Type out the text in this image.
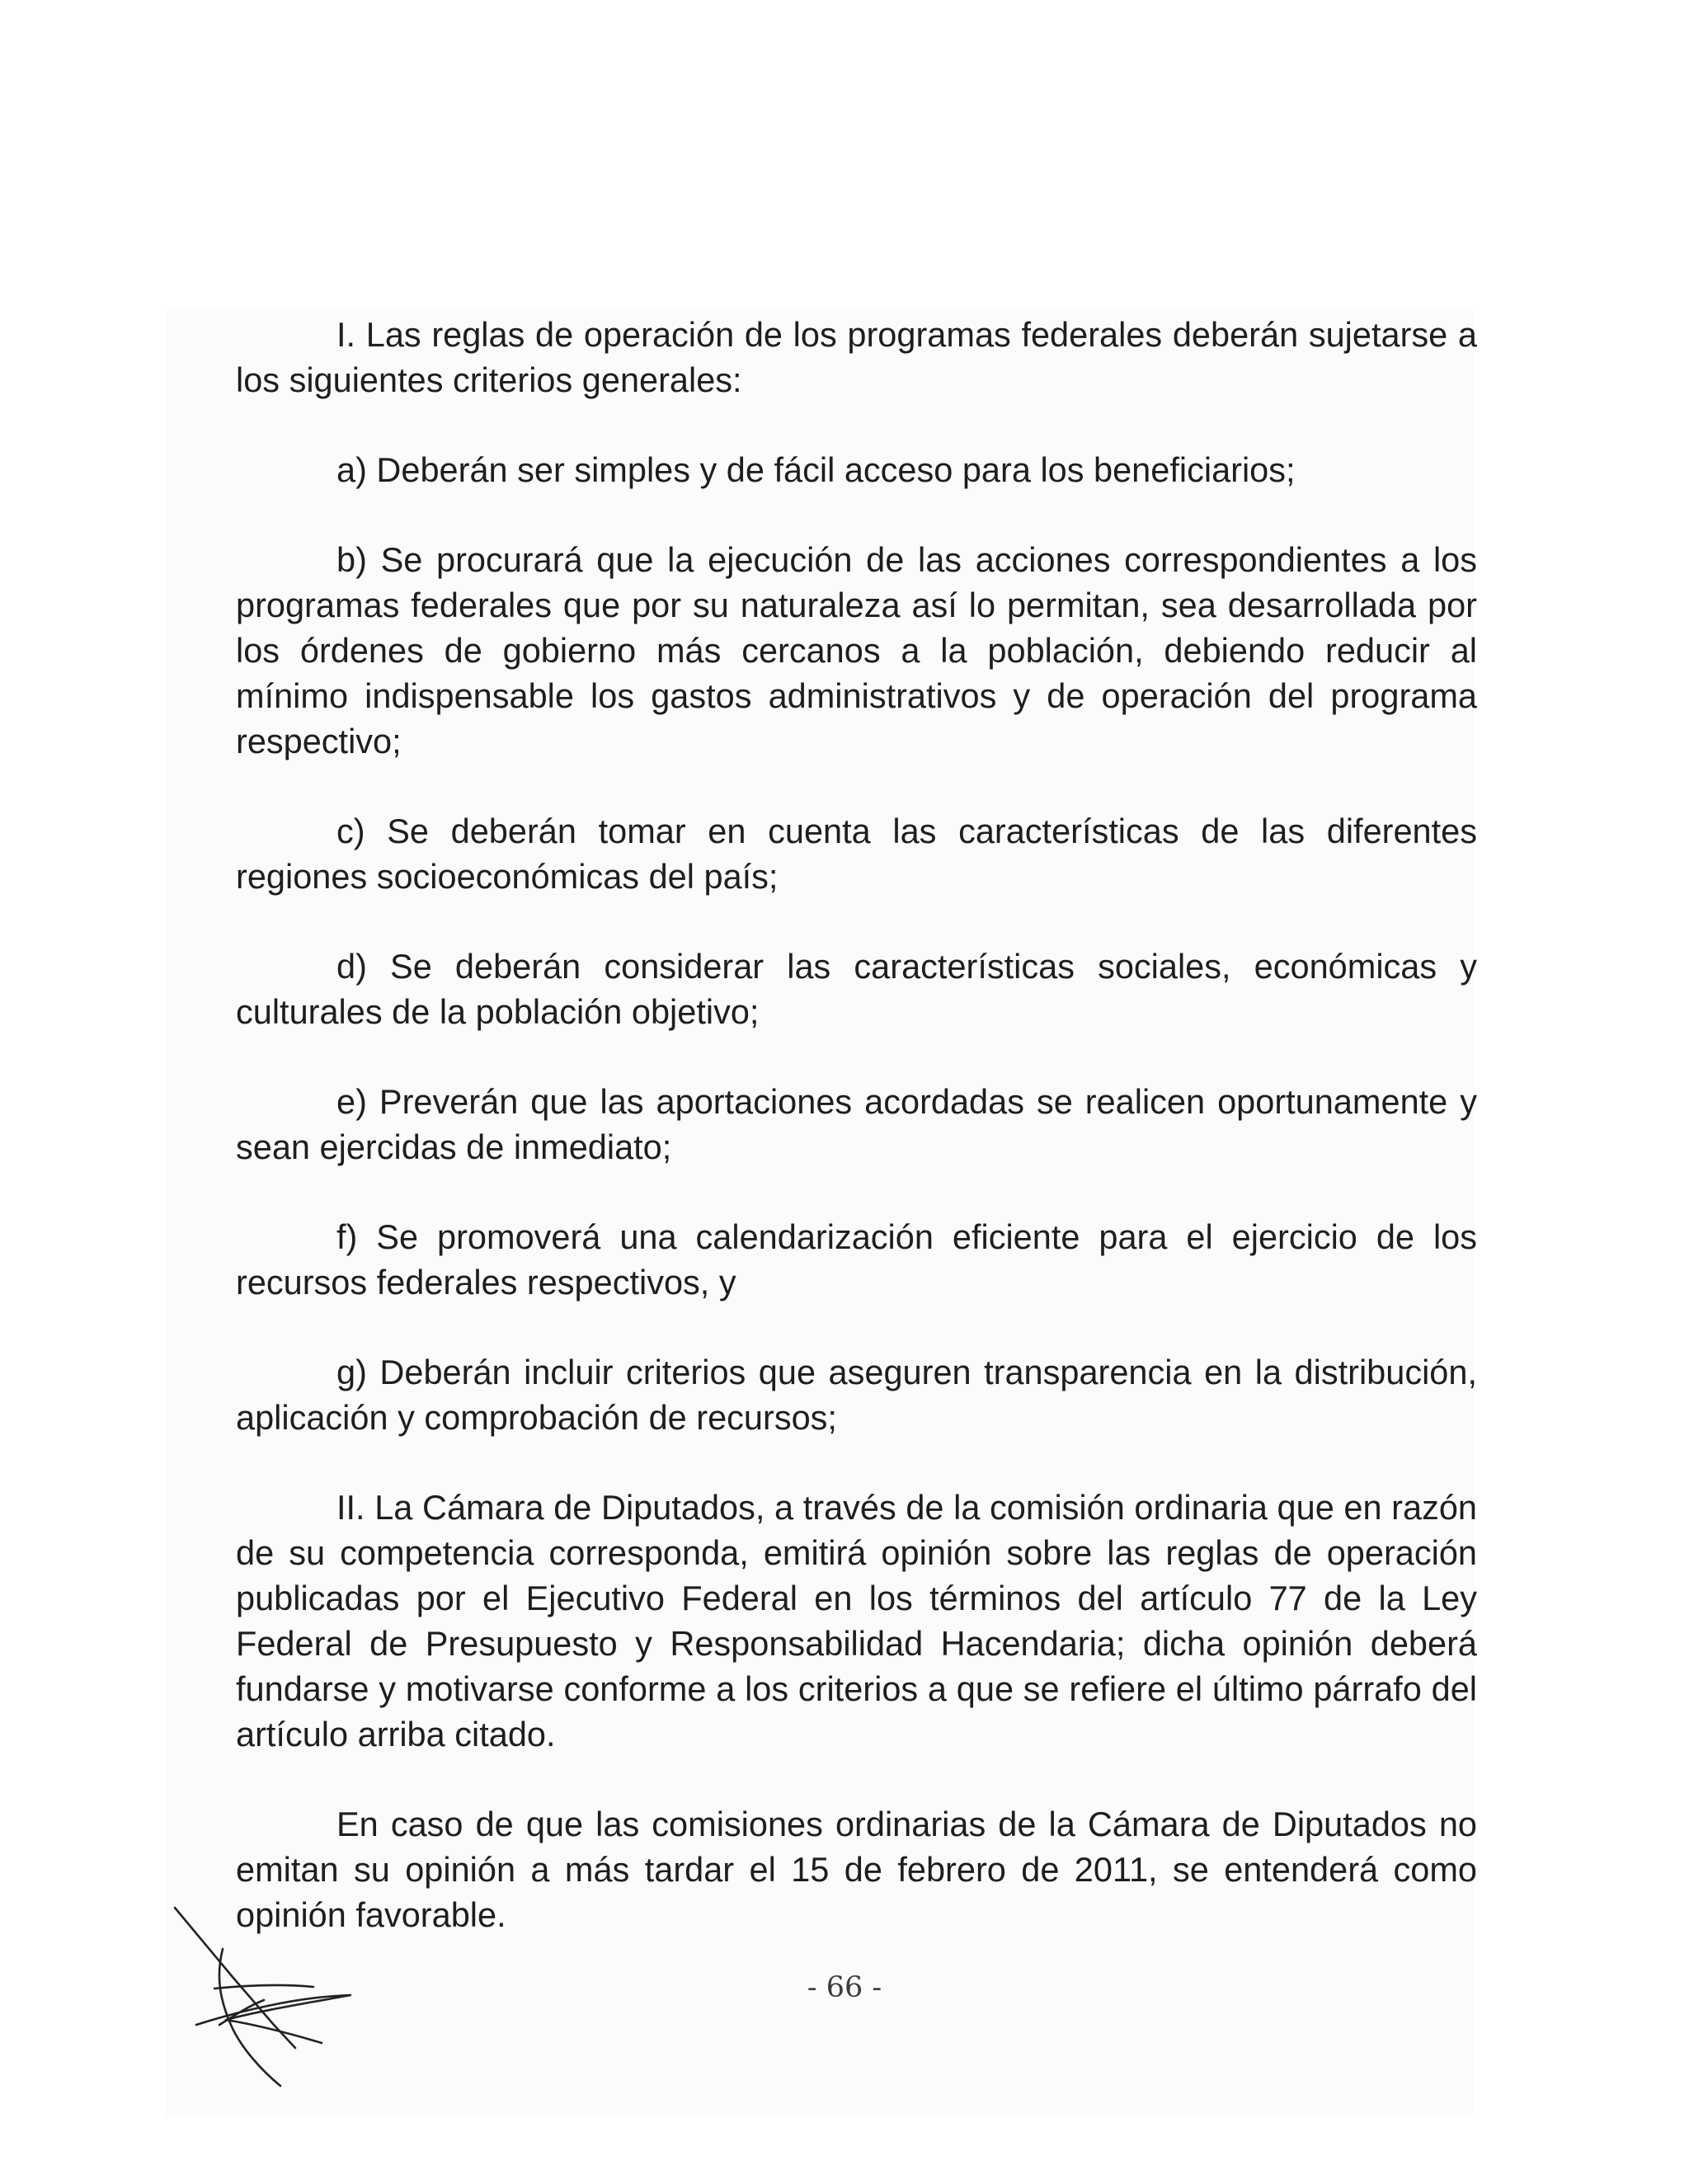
I. Las reglas de operación de los programas federales deberán sujetarse a los siguientes criterios generales:

a) Deberán ser simples y de fácil acceso para los beneficiarios;

b) Se procurará que la ejecución de las acciones correspondientes a los programas federales que por su naturaleza así lo permitan, sea desarrollada por los órdenes de gobierno más cercanos a la población, debiendo reducir al mínimo indispensable los gastos administrativos y de operación del programa respectivo;

c) Se deberán tomar en cuenta las características de las diferentes regiones socioeconómicas del país;

d) Se deberán considerar las características sociales, económicas y culturales de la población objetivo;

e) Preverán que las aportaciones acordadas se realicen oportunamente y sean ejercidas de inmediato;

f) Se promoverá una calendarización eficiente para el ejercicio de los recursos federales respectivos, y

g) Deberán incluir criterios que aseguren transparencia en la distribución, aplicación y comprobación de recursos;

II. La Cámara de Diputados, a través de la comisión ordinaria que en razón de su competencia corresponda, emitirá opinión sobre las reglas de operación publicadas por el Ejecutivo Federal en los términos del artículo 77 de la Ley Federal de Presupuesto y Responsabilidad Hacendaria; dicha opinión deberá fundarse y motivarse conforme a los criterios a que se refiere el último párrafo del artículo arriba citado.

En caso de que las comisiones ordinarias de la Cámara de Diputados no emitan su opinión a más tardar el 15 de febrero de 2011, se entenderá como opinión favorable.

- 66 -
